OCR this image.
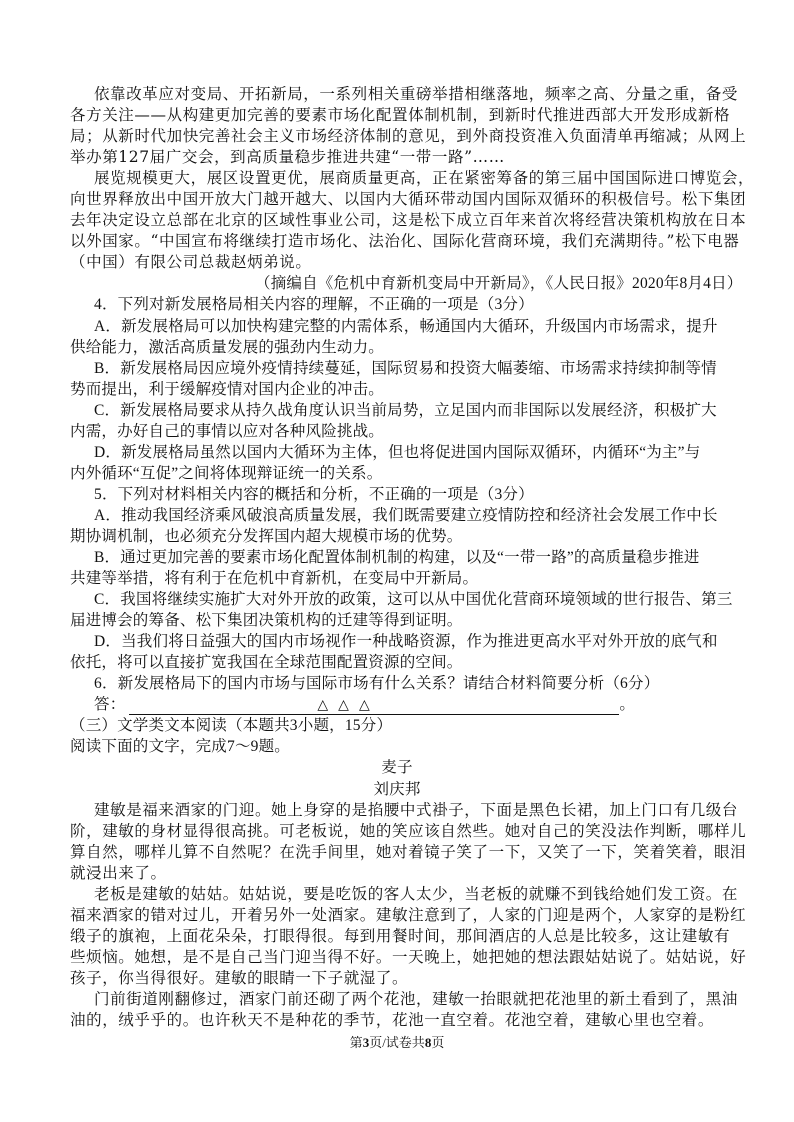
依靠改革应对变局、开拓新局，一系列相关重磅举措相继落地，频率之高、分量之重，备受
各方关注——从构建更加完善的要素市场化配置体制机制，到新时代推进西部大开发形成新格
局；从新时代加快完善社会主义市场经济体制的意见，到外商投资准入负面清单再缩减；从网上
举办第127届广交会，到高质量稳步推进共建“一带一路”……
展览规模更大，展区设置更优，展商质量更高，正在紧密筹备的第三届中国国际进口博览会，
向世界释放出中国开放大门越开越大、以国内大循环带动国内国际双循环的积极信号。松下集团
去年决定设立总部在北京的区域性事业公司，这是松下成立百年来首次将经营决策机构放在日本
以外国家。“中国宣布将继续打造市场化、法治化、国际化营商环境，我们充满期待。”松下电器
（中国）有限公司总裁赵炳弟说。
（摘编自《危机中育新机变局中开新局》，《人民日报》2020年8月4日）
4．下列对新发展格局相关内容的理解，不正确的一项是（3分）
A．新发展格局可以加快构建完整的内需体系，畅通国内大循环，升级国内市场需求，提升
供给能力，激活高质量发展的强劲内生动力。
B．新发展格局因应境外疫情持续蔓延，国际贸易和投资大幅萎缩、市场需求持续抑制等情
势而提出，利于缓解疫情对国内企业的冲击。
C．新发展格局要求从持久战角度认识当前局势，立足国内而非国际以发展经济，积极扩大
内需，办好自己的事情以应对各种风险挑战。
D．新发展格局虽然以国内大循环为主体，但也将促进国内国际双循环，内循环“为主”与
内外循环“互促”之间将体现辩证统一的关系。
5．下列对材料相关内容的概括和分析，不正确的一项是（3分）
A．推动我国经济乘风破浪高质量发展，我们既需要建立疫情防控和经济社会发展工作中长
期协调机制，也必须充分发挥国内超大规模市场的优势。
B．通过更加完善的要素市场化配置体制机制的构建，以及“一带一路”的高质量稳步推进
共建等举措，将有利于在危机中育新机，在变局中开新局。
C．我国将继续实施扩大对外开放的政策，这可以从中国优化营商环境领域的世行报告、第三
届进博会的筹备、松下集团决策机构的迁建等得到证明。
D．当我们将日益强大的国内市场视作一种战略资源，作为推进更高水平对外开放的底气和
依托，将可以直接扩宽我国在全球范围配置资源的空间。
6．新发展格局下的国内市场与国际市场有什么关系？请结合材料简要分析（6分）
答：	△△△	。
（三）文学类文本阅读（本题共3小题，15分）
阅读下面的文字，完成7～9题。
麦子
刘庆邦
建敏是福来酒家的门迎。她上身穿的是掐腰中式褂子，下面是黑色长裙，加上门口有几级台
阶，建敏的身材显得很高挑。可老板说，她的笑应该自然些。她对自己的笑没法作判断，哪样儿
算自然，哪样儿算不自然呢？在洗手间里，她对着镜子笑了一下，又笑了一下，笑着笑着，眼泪
就浸出来了。
老板是建敏的姑姑。姑姑说，要是吃饭的客人太少，当老板的就赚不到钱给她们发工资。在
福来酒家的错对过儿，开着另外一处酒家。建敏注意到了，人家的门迎是两个，人家穿的是粉红
缎子的旗袍，上面花朵朵，打眼得很。每到用餐时间，那间酒店的人总是比较多，这让建敏有
些烦恼。她想，是不是自己当门迎当得不好。一天晚上，她把她的想法跟姑姑说了。姑姑说，好
孩子，你当得很好。建敏的眼睛一下子就湿了。
门前街道刚翻修过，酒家门前还砌了两个花池，建敏一抬眼就把花池里的新土看到了，黑油
油的，绒乎乎的。也许秋天不是种花的季节，花池一直空着。花池空着，建敏心里也空着。
第3页/试卷共8页
